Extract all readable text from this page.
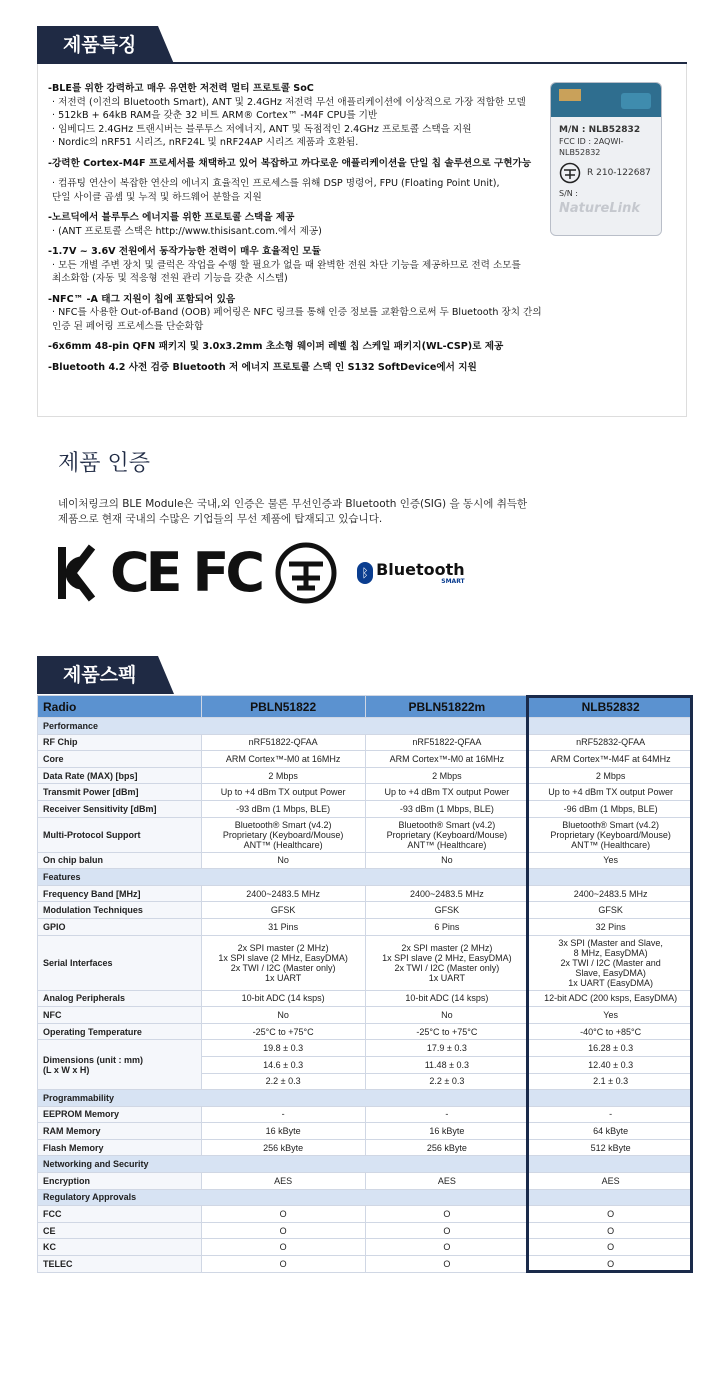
제품특징
-BLE를 위한 강력하고 매우 유연한 저전력 멀티 프로토콜 SoC
· 저전력 (이전의 Bluetooth Smart), ANT 및 2.4GHz 저전력 무선 애플리케이션에 이상적으로 가장 적합한 모델
· 512kB + 64kB RAM을 갖춘 32 비트 ARM® Cortex™ -M4F CPU를 기반
· 임베디드 2.4GHz 트랜시버는 블루투스 저에너지, ANT 및 독점적인 2.4GHz 프로토콜 스택을 지원
· Nordic의 nRF51 시리즈, nRF24L 및 nRF24AP 시리즈 제품과 호환됨.
-강력한 Cortex-M4F 프로세서를 채택하고 있어 복잡하고 까다로운 애플리케이션을 단일 칩 솔루션으로 구현가능
· 컴퓨팅 연산이 복잡한 연산의 에너지 효율적인 프로세스를 위해 DSP 명령어, FPU (Floating Point Unit),
단일 사이클 곱셈 및 누적 및 하드웨어 분할을 지원
-노르딕에서 블루투스 에너지를 위한 프로토콜 스택을 제공
· (ANT 프로토콜 스택은 http://www.thisisant.com.에서 제공)
-1.7V ~ 3.6V 전원에서 동작가능한 전력이 매우 효율적인 모듈
· 모든 개별 주변 장치 및 클럭은 작업을 수행 할 필요가 없을 때 완벽한 전원 차단 기능을 제공하므로 전력 소모를
최소화함 (자동 및 적응형 전원 관리 기능을 갖춘 시스템)
-NFC™ -A 태그 지원이 칩에 포함되어 있음
· NFC를 사용한 Out-of-Band (OOB) 페어링은 NFC 링크를 통해 인증 정보를 교환함으로써 두 Bluetooth 장치 간의
인증 된 페어링 프로세스를 단순화함
-6x6mm 48-pin QFN 패키지 및 3.0x3.2mm 초소형 웨이퍼 레벨 칩 스케일 패키지(WL-CSP)로 제공
-Bluetooth 4.2 사전 검증 Bluetooth 저 에너지 프로토콜 스택 인 S132 SoftDevice에서 지원
M/N : NLB52832
FCC ID : 2AQWI-NLB52832
R 210-122687
S/N :
NatureLink
제품 인증
네이처링크의 BLE Module은 국내,외 인증은 물론 무선인증과 Bluetooth 인증(SIG) 을 동시에 취득한
제품으로 현재 국내의 수많은 기업들의 무선 제품에 탑재되고 있습니다.
CE FC	ᛒ Bluetooth
SMART
제품스펙
Radio	PBLN51822	PBLN51822m	NLB52832
Performance			
RF Chip	nRF51822-QFAA	nRF51822-QFAA	nRF52832-QFAA
Core	ARM Cortex™-M0 at 16MHz	ARM Cortex™-M0 at 16MHz	ARM Cortex™-M4F at 64MHz
Data Rate (MAX) [bps]	2 Mbps	2 Mbps	2 Mbps
Transmit Power [dBm]	Up to +4 dBm TX output Power	Up to +4 dBm TX output Power	Up to +4 dBm TX output Power
Receiver Sensitivity [dBm]	-93 dBm (1 Mbps, BLE)	-93 dBm (1 Mbps, BLE)	-96 dBm (1 Mbps, BLE)
Multi-Protocol Support	Bluetooth® Smart (v4.2)
Proprietary (Keyboard/Mouse)
ANT™ (Healthcare)	Bluetooth® Smart (v4.2)
Proprietary (Keyboard/Mouse)
ANT™ (Healthcare)	Bluetooth® Smart (v4.2)
Proprietary (Keyboard/Mouse)
ANT™ (Healthcare)
On chip balun	No	No	Yes
Features			
Frequency Band [MHz]	2400~2483.5 MHz	2400~2483.5 MHz	2400~2483.5 MHz
Modulation Techniques	GFSK	GFSK	GFSK
GPIO	31 Pins	6 Pins	32 Pins
Serial Interfaces	2x SPI master (2 MHz)
1x SPI slave (2 MHz, EasyDMA)
2x TWI / I2C (Master only)
1x UART	2x SPI master (2 MHz)
1x SPI slave (2 MHz, EasyDMA)
2x TWI / I2C (Master only)
1x UART	3x SPI (Master and Slave,
8 MHz, EasyDMA)
2x TWI / I2C (Master and
Slave, EasyDMA)
1x UART (EasyDMA)
Analog Peripherals	10-bit ADC (14 ksps)	10-bit ADC (14 ksps)	12-bit ADC (200 ksps, EasyDMA)
NFC	No	No	Yes
Operating Temperature	-25°C to +75°C	-25°C to +75°C	-40°C to +85°C
Dimensions (unit : mm)
(L x W x H)	19.8 ± 0.3	17.9 ± 0.3	16.28 ± 0.3
	14.6 ± 0.3	11.48 ± 0.3	12.40 ± 0.3
	2.2 ± 0.3	2.2 ± 0.3	2.1 ± 0.3
Programmability			
EEPROM Memory	-	-	-
RAM Memory	16 kByte	16 kByte	64 kByte
Flash Memory	256 kByte	256 kByte	512 kByte
Networking and Security			
Encryption	AES	AES	AES
Regulatory Approvals			
FCC	O	O	O
CE	O	O	O
KC	O	O	O
TELEC	O	O	O
